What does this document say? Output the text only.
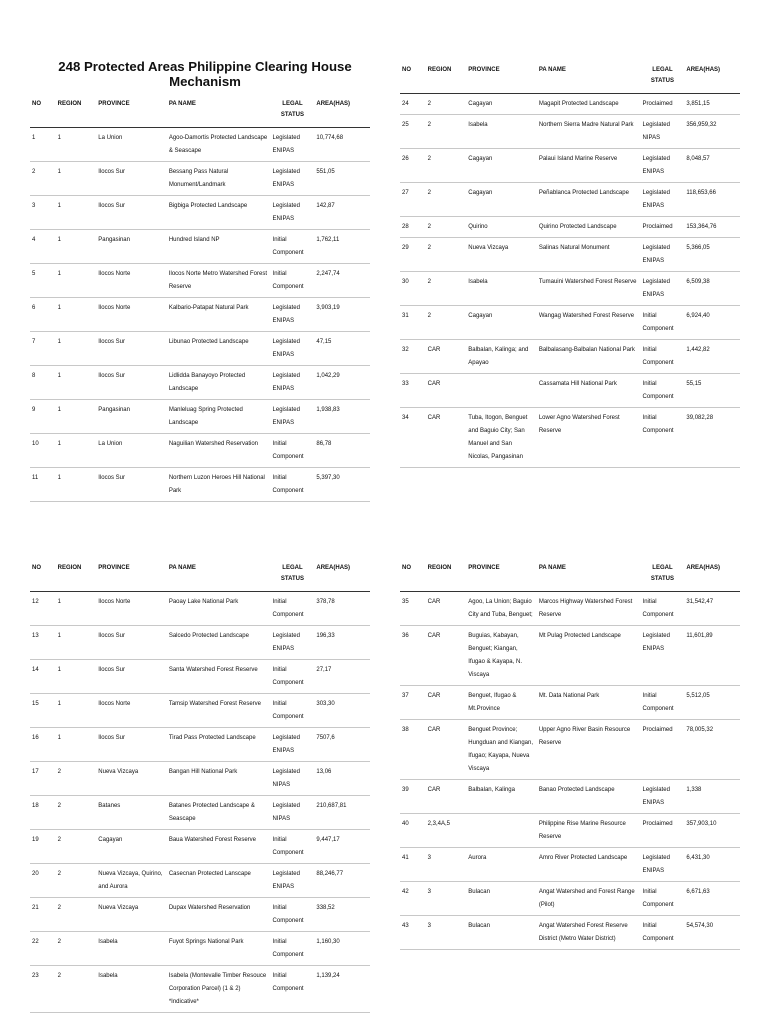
248 Protected Areas Philippine Clearing House Mechanism
NO	REGION	PROVINCE	PA NAME	LEGAL STATUS	AREA(HAS)
1	1	La Union	Agoo-Damortis Protected Landscape & Seascape	Legislated ENIPAS	10,774,68
2	1	Ilocos Sur	Bessang Pass Natural Monument/Landmark	Legislated ENIPAS	551,05
3	1	Ilocos Sur	Bigbiga Protected Landscape	Legislated ENIPAS	142,87
4	1	Pangasinan	Hundred Island NP	Initial Component	1,762,11
5	1	Ilocos Norte	Ilocos Norte Metro Watershed Forest Reserve	Initial Component	2,247,74
6	1	Ilocos Norte	Kalbario-Patapat Natural Park	Legislated ENIPAS	3,903,19
7	1	Ilocos Sur	Libunao Protected Landscape	Legislated ENIPAS	47,15
8	1	Ilocos Sur	Lidlidda Banayoyo Protected Landscape	Legislated ENIPAS	1,042,29
9	1	Pangasinan	Manleluag Spring Protected Landscape	Legislated ENIPAS	1,938,83
10	1	La Union	Naguilian Watershed Reservation	Initial Component	86,78
11	1	Ilocos Sur	Northern Luzon Heroes Hill National Park	Initial Component	5,397,30
NO	REGION	PROVINCE	PA NAME	LEGAL STATUS	AREA(HAS)
24	2	Cagayan	Magapit Protected Landscape	Proclaimed	3,851,15
25	2	Isabela	Northern Sierra Madre Natural Park	Legislated NIPAS	356,959,32
26	2	Cagayan	Palaui Island Marine Reserve	Legislated ENIPAS	8,048,57
27	2	Cagayan	Peñablanca Protected Landscape	Legislated ENIPAS	118,653,66
28	2	Quirino	Quirino Protected Landscape	Proclaimed	153,364,76
29	2	Nueva Vizcaya	Salinas Natural Monument	Legislated ENIPAS	5,366,05
30	2	Isabela	Tumauini Watershed Forest Reserve	Legislated ENIPAS	6,509,38
31	2	Cagayan	Wangag Watershed Forest Reserve	Initial Component	6,924,40
32	CAR	Balbalan, Kalinga; and Apayao	Balbalasang-Balbalan National Park	Initial Component	1,442,82
33	CAR		Cassamata Hill National Park	Initial Component	55,15
34	CAR	Tuba, Itogon, Benguet and Baguio City; San Manuel and San Nicolas, Pangasinan	Lower Agno Watershed Forest Reserve	Initial Component	39,082,28
NO	REGION	PROVINCE	PA NAME	LEGAL STATUS	AREA(HAS)
12	1	Ilocos Norte	Paoay Lake National Park	Initial Component	378,78
13	1	Ilocos Sur	Salcedo Protected Landscape	Legislated ENIPAS	196,33
14	1	Ilocos Sur	Santa Watershed Forest Reserve	Initial Component	27,17
15	1	Ilocos Norte	Tamsip Watershed Forest Reserve	Initial Component	303,30
16	1	Ilocos Sur	Tirad Pass Protected Landscape	Legislated ENIPAS	7507,6
17	2	Nueva Vizcaya	Bangan Hill National Park	Legislated NIPAS	13,06
18	2	Batanes	Batanes Protected Landscape & Seascape	Legislated NIPAS	210,687,81
19	2	Cagayan	Baua Watershed Forest Reserve	Initial Component	9,447,17
20	2	Nueva Vizcaya, Quirino, and Aurora	Casecnan Protected Lanscape	Legislated ENIPAS	88,246,77
21	2	Nueva Vizcaya	Dupax Watershed Reservation	Initial Component	338,52
22	2	Isabela	Fuyot Springs National Park	Initial Component	1,160,30
23	2	Isabela	Isabela (Montevalle Timber Resouce Corporation Parcel) (1 & 2) *Indicative*	Initial Component	1,139,24
NO	REGION	PROVINCE	PA NAME	LEGAL STATUS	AREA(HAS)
35	CAR	Agoo, La Union; Baguio City and Tuba, Benguet;	Marcos Highway Watershed Forest Reserve	Initial Component	31,542,47
36	CAR	Buguias, Kabayan, Benguet; Kiangan, Ifugao & Kayapa, N. Viscaya	Mt Pulag Protected Landscape	Legislated ENIPAS	11,601,89
37	CAR	Benguet, Ifugao & Mt.Province	Mt. Data National Park	Initial Component	5,512,05
38	CAR	Benguet Province; Hungduan and Kiangan, Ifugao; Kayapa, Nueva Viscaya	Upper Agno River Basin Resource Reserve	Proclaimed	78,005,32
39	CAR	Balbalan, Kalinga	Banao Protected Landscape	Legislated ENIPAS	1,338
40	2,3,4A,5		Philippine Rise Marine Resource Reserve	Proclaimed	357,903,10
41	3	Aurora	Amro River Protected Landscape	Legislated ENIPAS	6,431,30
42	3	Bulacan	Angat Watershed and Forest Range (Pilot)	Initial Component	6,671,63
43	3	Bulacan	Angat Watershed Forest Reserve District (Metro Water District)	Initial Component	54,574,30
